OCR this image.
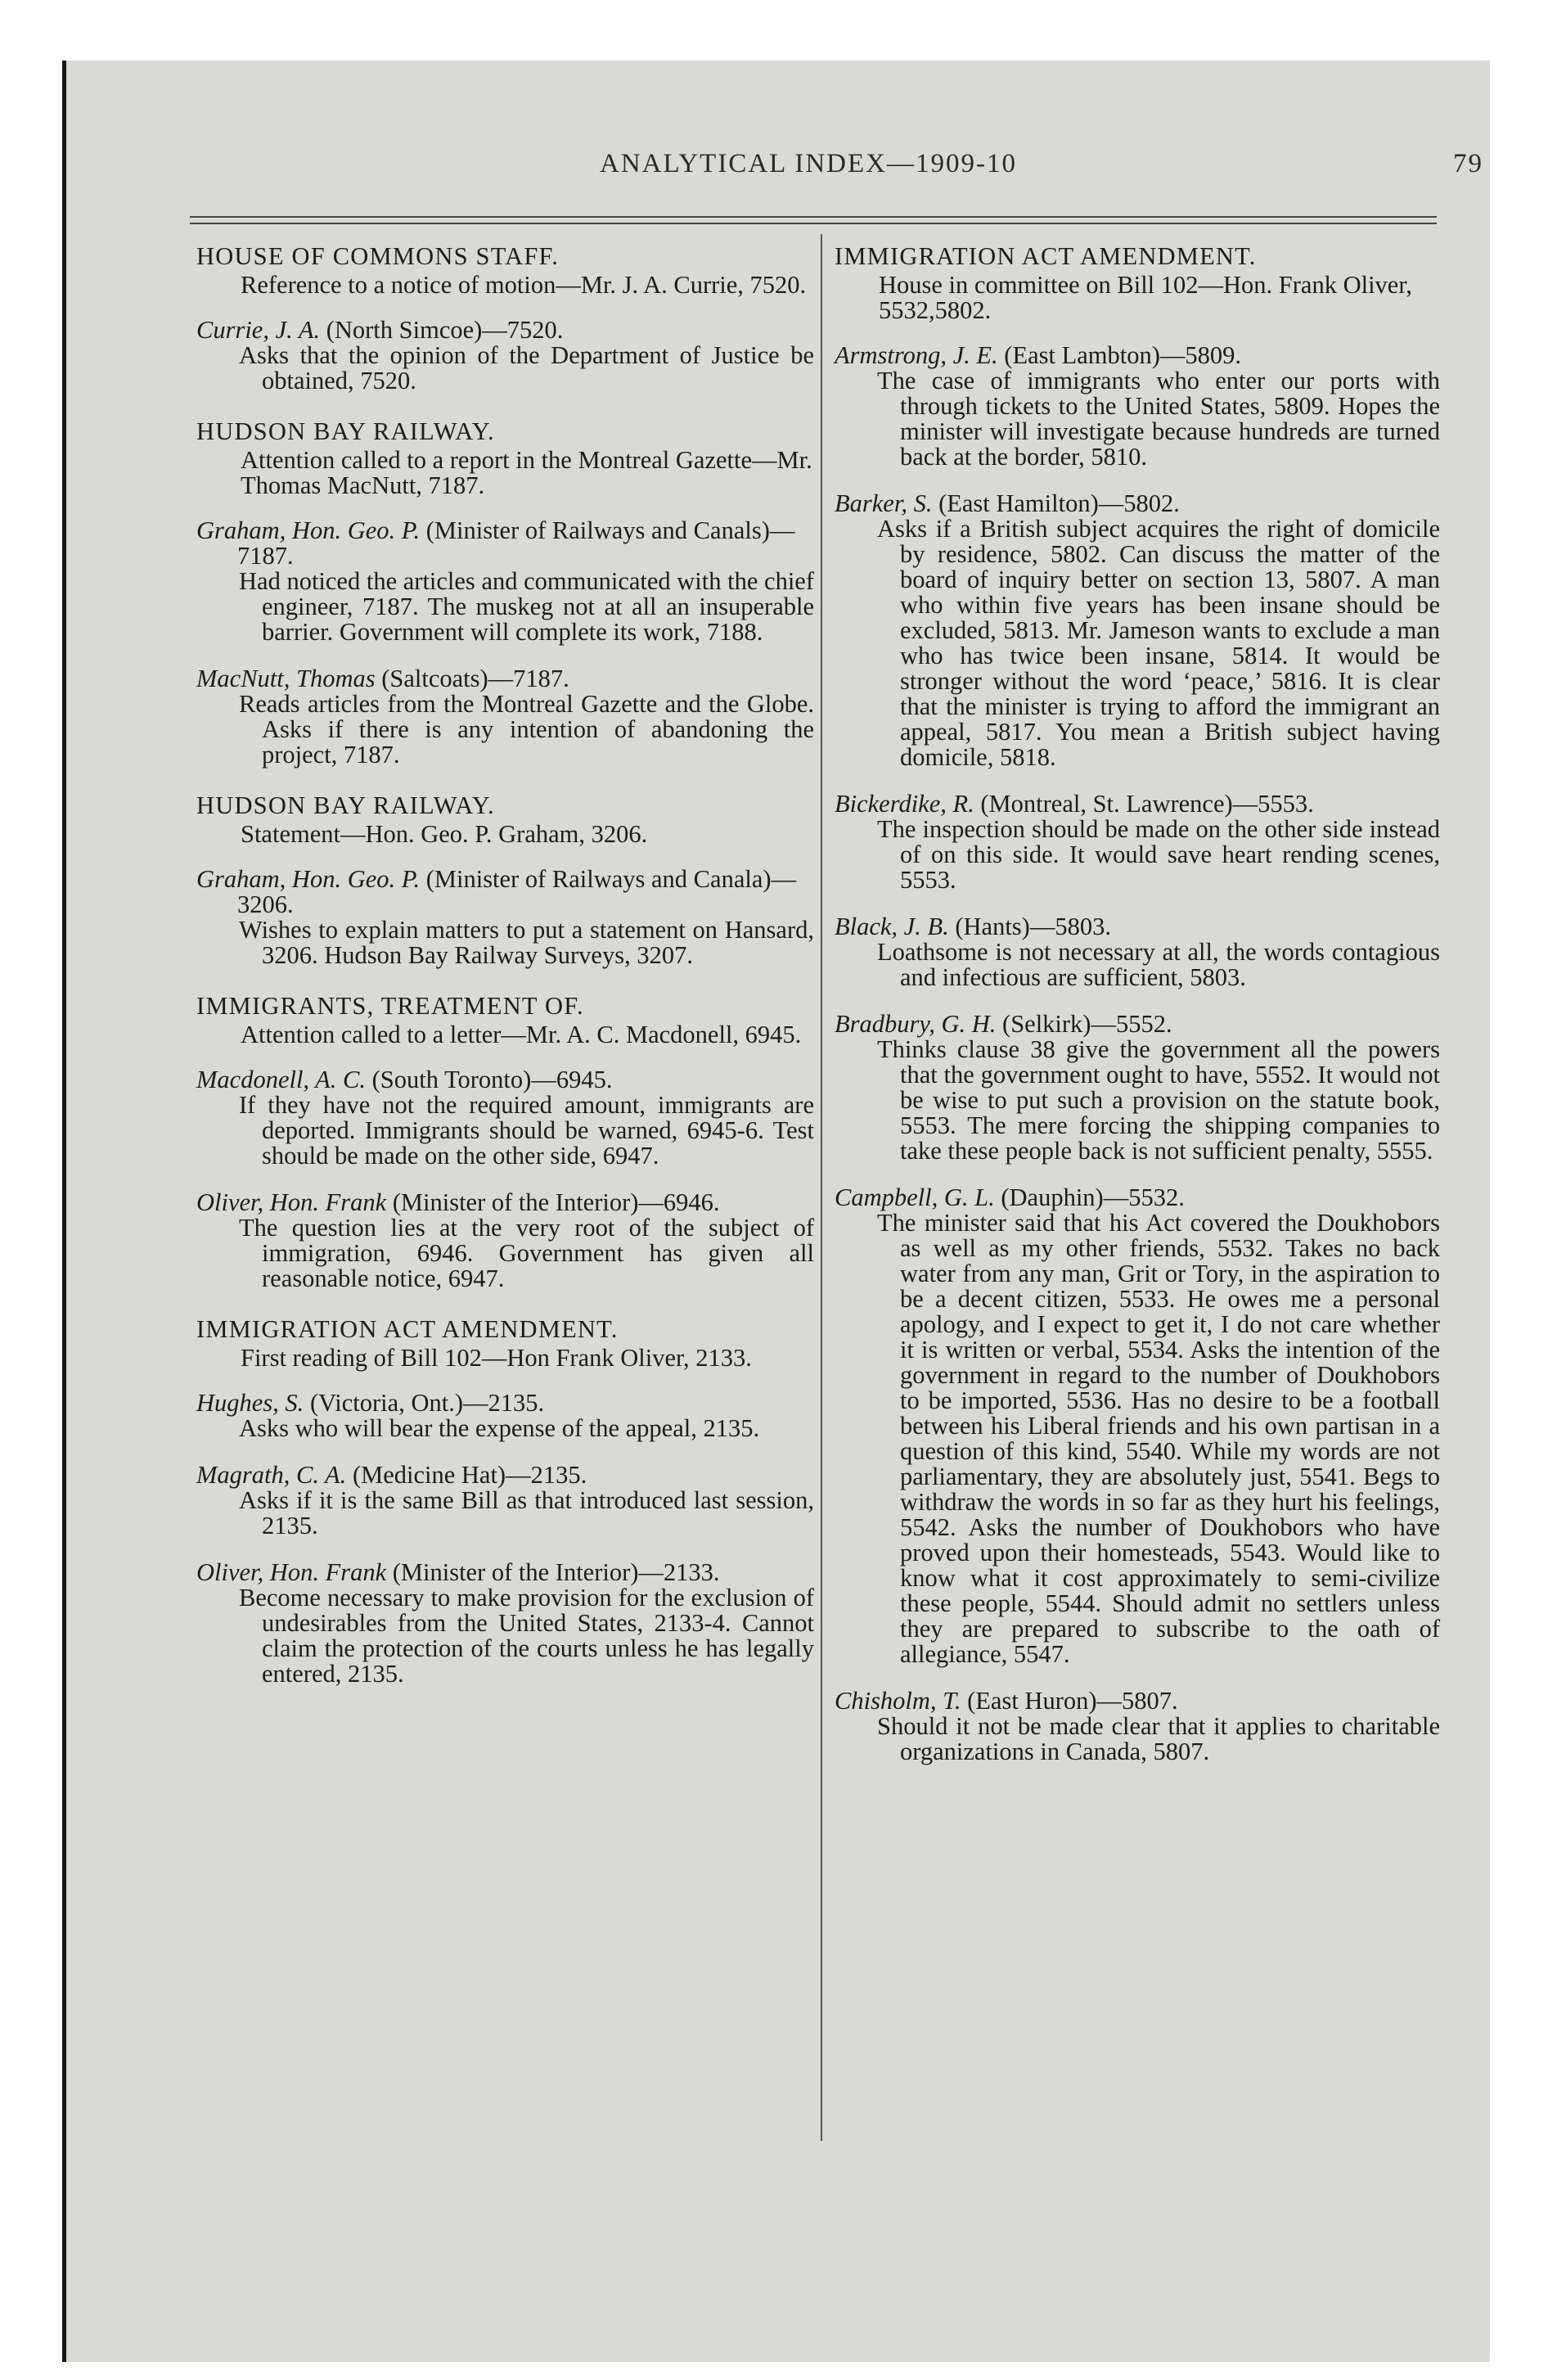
ANALYTICAL INDEX—1909-10	79
HOUSE OF COMMONS STAFF.
Reference to a notice of motion—Mr. J. A. Currie, 7520.
Currie, J. A. (North Simcoe)—7520.
Asks that the opinion of the Department of Justice be obtained, 7520.
HUDSON BAY RAILWAY.
Attention called to a report in the Montreal Gazette—Mr. Thomas MacNutt, 7187.
Graham, Hon. Geo. P. (Minister of Railways and Canals)—7187.
Had noticed the articles and communicated with the chief engineer, 7187. The muskeg not at all an insuperable barrier. Government will complete its work, 7188.
MacNutt, Thomas (Saltcoats)—7187.
Reads articles from the Montreal Gazette and the Globe. Asks if there is any intention of abandoning the project, 7187.
HUDSON BAY RAILWAY.
Statement—Hon. Geo. P. Graham, 3206.
Graham, Hon. Geo. P. (Minister of Railways and Canala)—3206.
Wishes to explain matters to put a statement on Hansard, 3206. Hudson Bay Railway Surveys, 3207.
IMMIGRANTS, TREATMENT OF.
Attention called to a letter—Mr. A. C. Macdonell, 6945.
Macdonell, A. C. (South Toronto)—6945.
If they have not the required amount, immigrants are deported. Immigrants should be warned, 6945-6. Test should be made on the other side, 6947.
Oliver, Hon. Frank (Minister of the Interior)—6946.
The question lies at the very root of the subject of immigration, 6946. Government has given all reasonable notice, 6947.
IMMIGRATION ACT AMENDMENT.
First reading of Bill 102—Hon Frank Oliver, 2133.
Hughes, S. (Victoria, Ont.)—2135.
Asks who will bear the expense of the appeal, 2135.
Magrath, C. A. (Medicine Hat)—2135.
Asks if it is the same Bill as that introduced last session, 2135.
Oliver, Hon. Frank (Minister of the Interior)—2133.
Become necessary to make provision for the exclusion of undesirables from the United States, 2133-4. Cannot claim the protection of the courts unless he has legally entered, 2135.
IMMIGRATION ACT AMENDMENT.
House in committee on Bill 102—Hon. Frank Oliver, 5532,5802.
Armstrong, J. E. (East Lambton)—5809.
The case of immigrants who enter our ports with through tickets to the United States, 5809. Hopes the minister will investigate because hundreds are turned back at the border, 5810.
Barker, S. (East Hamilton)—5802.
Asks if a British subject acquires the right of domicile by residence, 5802. Can discuss the matter of the board of inquiry better on section 13, 5807. A man who within five years has been insane should be excluded, 5813. Mr. Jameson wants to exclude a man who has twice been insane, 5814. It would be stronger without the word ‘peace,’ 5816. It is clear that the minister is trying to afford the immigrant an appeal, 5817. You mean a British subject having domicile, 5818.
Bickerdike, R. (Montreal, St. Lawrence)—5553.
The inspection should be made on the other side instead of on this side. It would save heart rending scenes, 5553.
Black, J. B. (Hants)—5803.
Loathsome is not necessary at all, the words contagious and infectious are sufficient, 5803.
Bradbury, G. H. (Selkirk)—5552.
Thinks clause 38 give the government all the powers that the government ought to have, 5552. It would not be wise to put such a provision on the statute book, 5553. The mere forcing the shipping companies to take these people back is not sufficient penalty, 5555.
Campbell, G. L. (Dauphin)—5532.
The minister said that his Act covered the Doukhobors as well as my other friends, 5532. Takes no back water from any man, Grit or Tory, in the aspiration to be a decent citizen, 5533. He owes me a personal apology, and I expect to get it, I do not care whether it is written or verbal, 5534. Asks the intention of the government in regard to the number of Doukhobors to be imported, 5536. Has no desire to be a football between his Liberal friends and his own partisan in a question of this kind, 5540. While my words are not parliamentary, they are absolutely just, 5541. Begs to withdraw the words in so far as they hurt his feelings, 5542. Asks the number of Doukhobors who have proved upon their homesteads, 5543. Would like to know what it cost approximately to semi-civilize these people, 5544. Should admit no settlers unless they are prepared to subscribe to the oath of allegiance, 5547.
Chisholm, T. (East Huron)—5807.
Should it not be made clear that it applies to charitable organizations in Canada, 5807.
